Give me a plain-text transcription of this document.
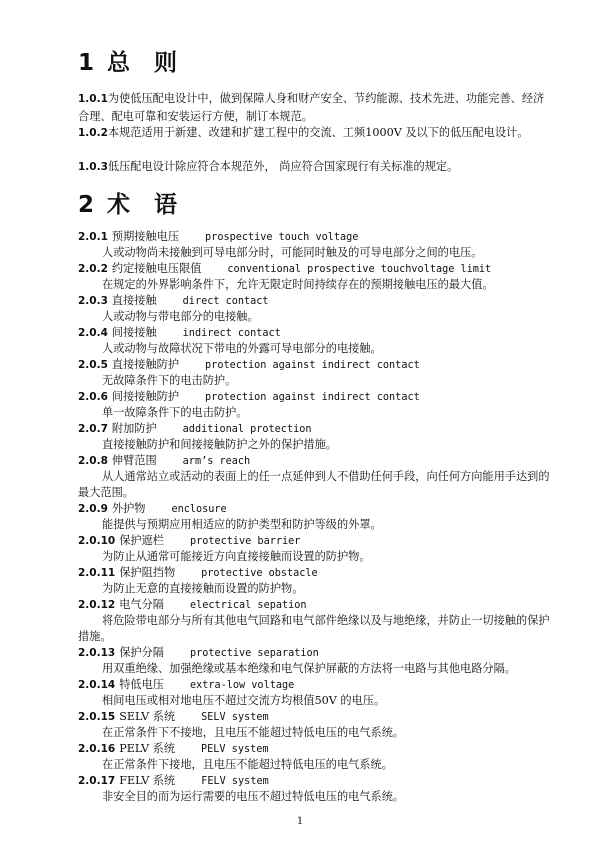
1 总 则
1.0.1为使低压配电设计中，做到保障人身和财产安全、节约能源、技术先进、功能完善、经济合理、配电可靠和安装运行方便，制订本规范。
1.0.2本规范适用于新建、改建和扩建工程中的交流、工频1000V 及以下的低压配电设计。
1.0.3低压配电设计除应符合本规范外， 尚应符合国家现行有关标准的规定。
2 术 语
2.0.1 预期接触电压	prospective touch voltage
人或动物尚未接触到可导电部分时，可能同时触及的可导电部分之间的电压。
2.0.2 约定接触电压限值	conventional prospective touchvoltage limit
在规定的外界影响条件下，允许无限定时间持续存在的预期接触电压的最大值。
2.0.3 直接接触	direct contact
人或动物与带电部分的电接触。
2.0.4 间接接触	indirect contact
人或动物与故障状况下带电的外露可导电部分的电接触。
2.0.5 直接接触防护	protection against indirect contact
无故障条件下的电击防护。
2.0.6 间接接触防护	protection against indirect contact
单一故障条件下的电击防护。
2.0.7 附加防护	additional protection
直接接触防护和间接接触防护之外的保护措施。
2.0.8 伸臂范围	arm’s reach
从人通常站立或活动的表面上的任一点延伸到人不借助任何手段，向任何方向能用手达到的最大范围。
2.0.9 外护物	enclosure
能提供与预期应用相适应的防护类型和防护等级的外罩。
2.0.10 保护遮栏	protective barrier
为防止从通常可能接近方向直接接触而设置的防护物。
2.0.11 保护阻挡物	protective obstacle
为防止无意的直接接触而设置的防护物。
2.0.12 电气分隔	electrical sepation
将危险带电部分与所有其他电气回路和电气部件绝缘以及与地绝缘，并防止一切接触的保护措施。
2.0.13 保护分隔	protective separation
用双重绝缘、加强绝缘或基本绝缘和电气保护屏蔽的方法将一电路与其他电路分隔。
2.0.14 特低电压	extra-low voltage
相间电压或相对地电压不超过交流方均根值50V 的电压。
2.0.15 SELV 系统	SELV system
在正常条件下不接地，且电压不能超过特低电压的电气系统。
2.0.16 PELV 系统	PELV system
在正常条件下接地，且电压不能超过特低电压的电气系统。
2.0.17 FELV 系统	FELV system
非安全目的而为运行需要的电压不超过特低电压的电气系统。
1
